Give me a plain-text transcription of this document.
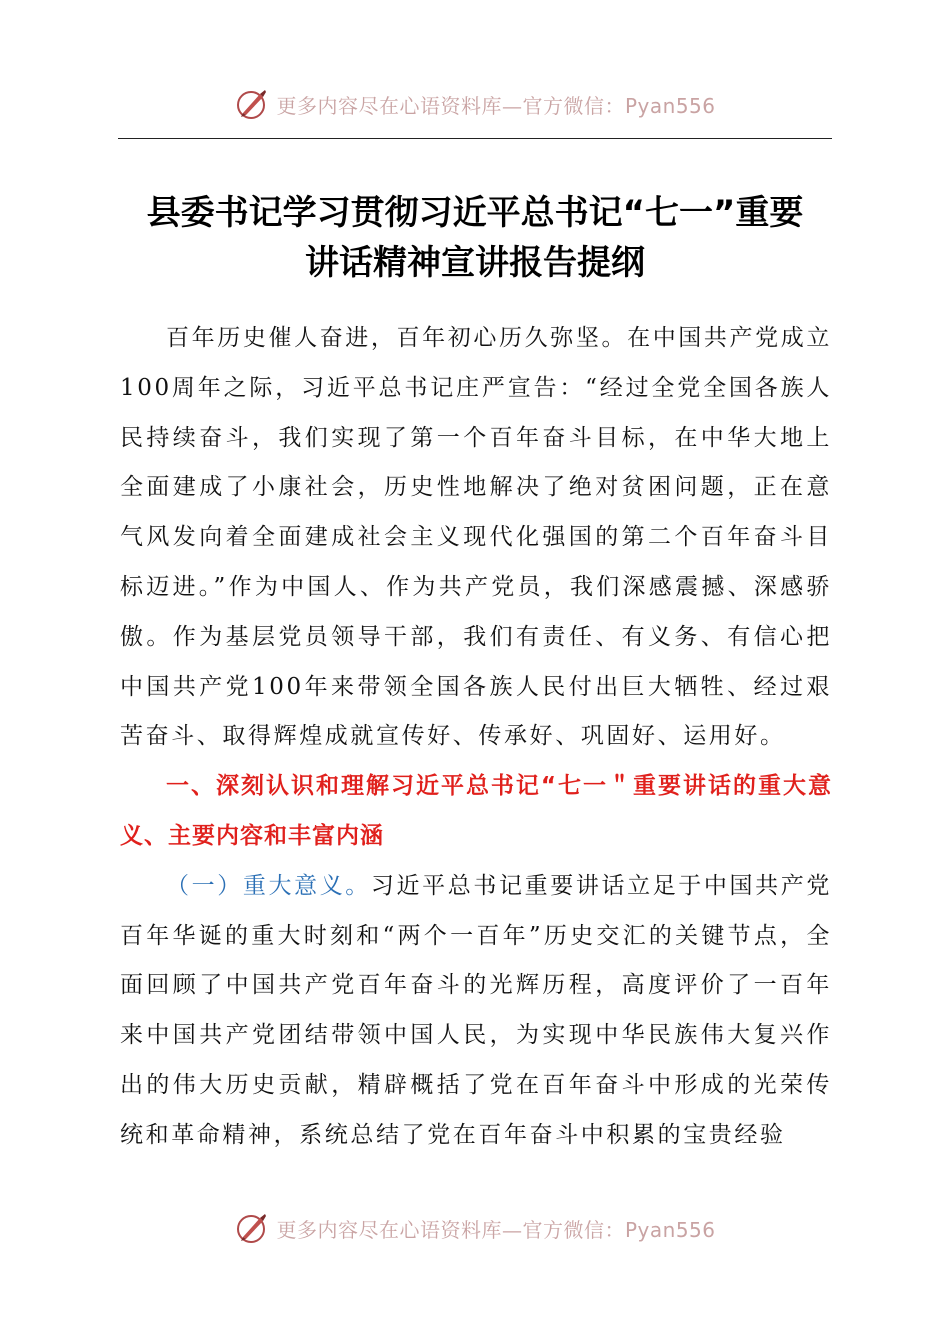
更多内容尽在心语资料库—官方微信：Pyan556
县委书记学习贯彻习近平总书记“七一”重要
讲话精神宣讲报告提纲

百年历史催人奋进，百年初心历久弥坚。在中国共产党成立100周年之际，习近平总书记庄严宣告：“经过全党全国各族人民持续奋斗，我们实现了第一个百年奋斗目标，在中华大地上全面建成了小康社会，历史性地解决了绝对贫困问题，正在意气风发向着全面建成社会主义现代化强国的第二个百年奋斗目标迈进。”作为中国人、作为共产党员，我们深感震撼、深感骄傲。作为基层党员领导干部，我们有责任、有义务、有信心把中国共产党100年来带领全国各族人民付出巨大牺牲、经过艰苦奋斗、取得辉煌成就宣传好、传承好、巩固好、运用好。

一、深刻认识和理解习近平总书记“七一＂重要讲话的重大意义、主要内容和丰富内涵

（一）重大意义。习近平总书记重要讲话立足于中国共产党百年华诞的重大时刻和“两个一百年”历史交汇的关键节点，全面回顾了中国共产党百年奋斗的光辉历程，高度评价了一百年来中国共产党团结带领中国人民，为实现中华民族伟大复兴作出的伟大历史贡献，精辟概括了党在百年奋斗中形成的光荣传统和革命精神，系统总结了党在百年奋斗中积累的宝贵经验

更多内容尽在心语资料库—官方微信：Pyan556
